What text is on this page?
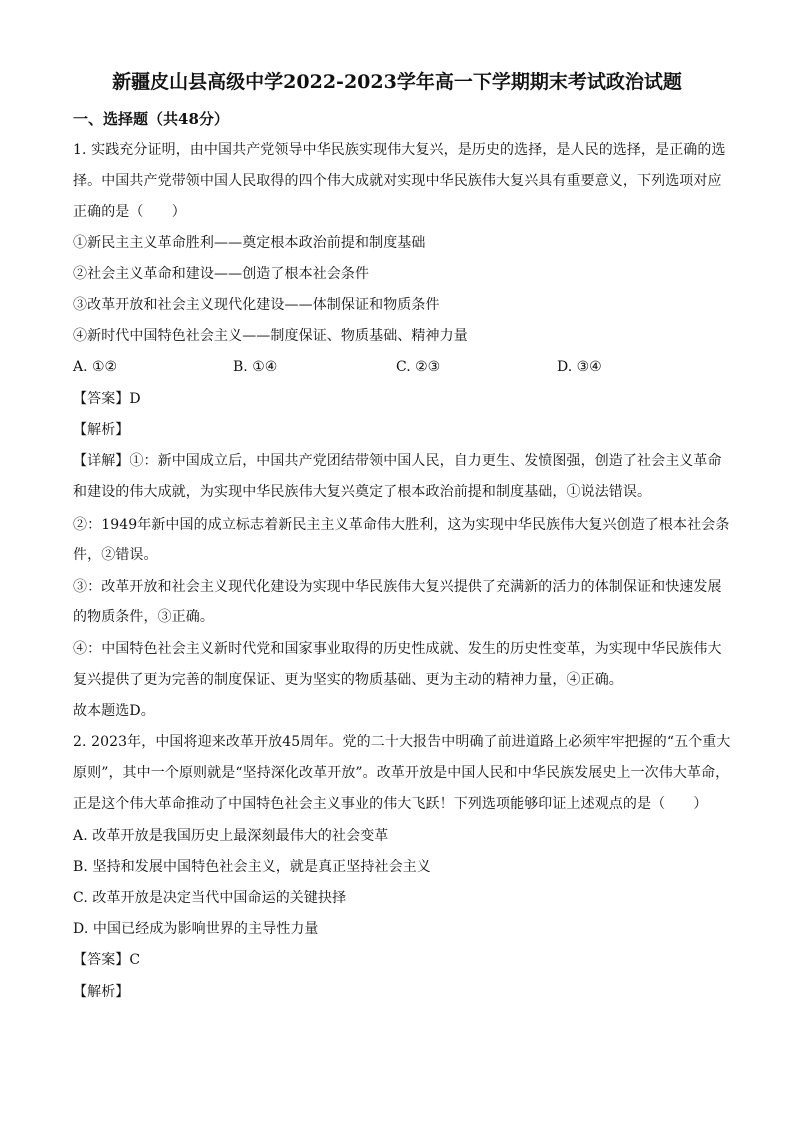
新疆皮山县高级中学2022-2023学年高一下学期期末考试政治试题
一、选择题（共48分）
1. 实践充分证明，由中国共产党领导中华民族实现伟大复兴，是历史的选择，是人民的选择，是正确的选
择。中国共产党带领中国人民取得的四个伟大成就对实现中华民族伟大复兴具有重要意义，下列选项对应
正确的是（　　）
①新民主主义革命胜利——奠定根本政治前提和制度基础
②社会主义革命和建设——创造了根本社会条件
③改革开放和社会主义现代化建设——体制保证和物质条件
④新时代中国特色社会主义——制度保证、物质基础、精神力量
A. ①②	B. ①④	C. ②③	D. ③④
【答案】D
【解析】
【详解】①：新中国成立后，中国共产党团结带领中国人民，自力更生、发愤图强，创造了社会主义革命
和建设的伟大成就，为实现中华民族伟大复兴奠定了根本政治前提和制度基础，①说法错误。
②：1949年新中国的成立标志着新民主主义革命伟大胜利，这为实现中华民族伟大复兴创造了根本社会条
件，②错误。
③：改革开放和社会主义现代化建设为实现中华民族伟大复兴提供了充满新的活力的体制保证和快速发展
的物质条件，③正确。
④：中国特色社会主义新时代党和国家事业取得的历史性成就、发生的历史性变革，为实现中华民族伟大
复兴提供了更为完善的制度保证、更为坚实的物质基础、更为主动的精神力量，④正确。
故本题选D。
2. 2023年，中国将迎来改革开放45周年。党的二十大报告中明确了前进道路上必须牢牢把握的“五个重大
原则”，其中一个原则就是“坚持深化改革开放”。改革开放是中国人民和中华民族发展史上一次伟大革命，
正是这个伟大革命推动了中国特色社会主义事业的伟大飞跃！下列选项能够印证上述观点的是（　　）
A. 改革开放是我国历史上最深刻最伟大的社会变革
B. 坚持和发展中国特色社会主义，就是真正坚持社会主义
C. 改革开放是决定当代中国命运的关键抉择
D. 中国已经成为影响世界的主导性力量
【答案】C
【解析】
